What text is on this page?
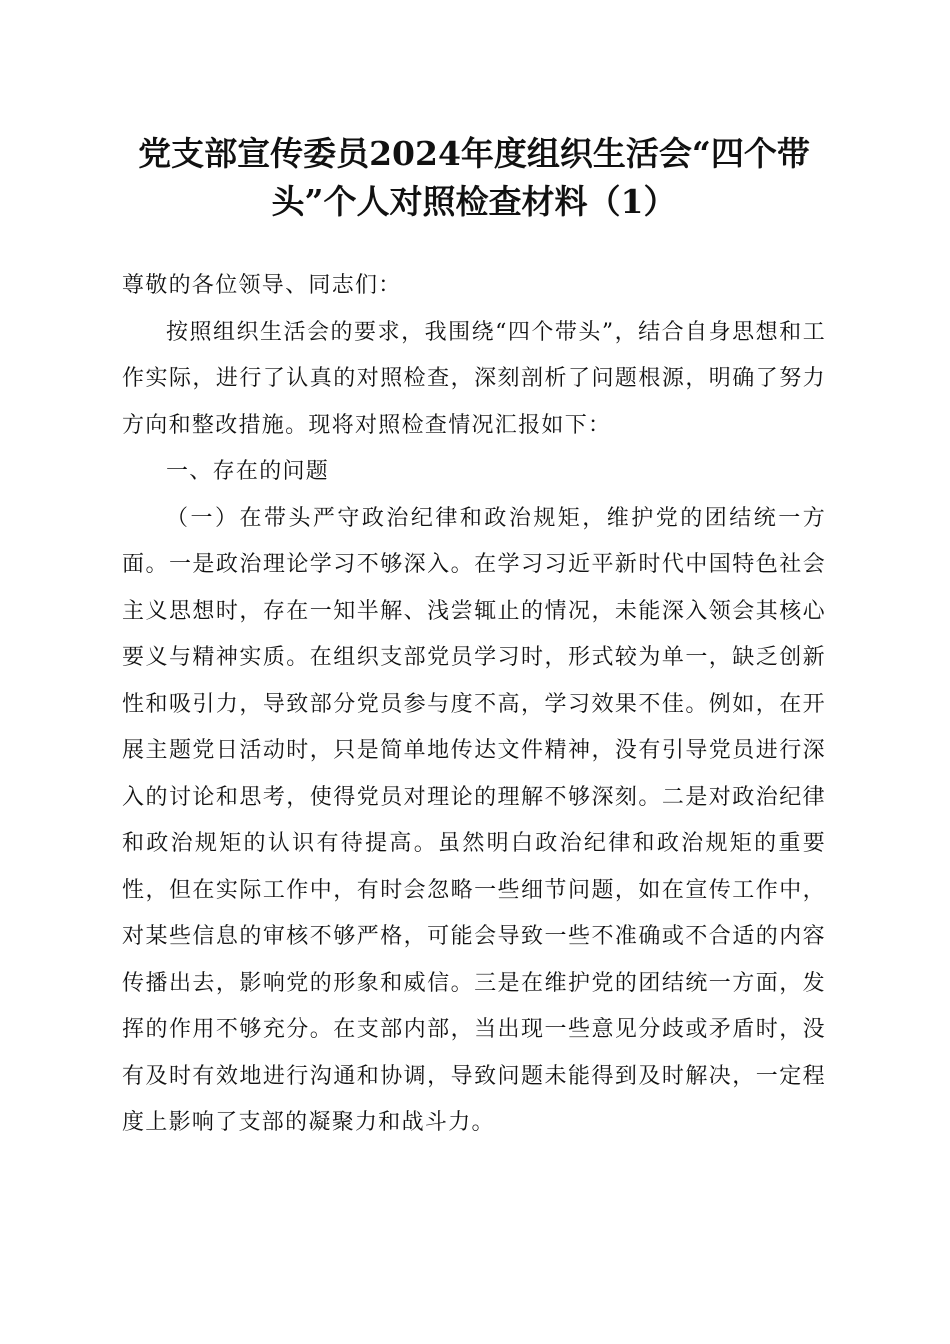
党支部宣传委员2024年度组织生活会“四个带头”个人对照检查材料（1）

尊敬的各位领导、同志们：

按照组织生活会的要求，我围绕“四个带头”，结合自身思想和工作实际，进行了认真的对照检查，深刻剖析了问题根源，明确了努力方向和整改措施。现将对照检查情况汇报如下：

一、存在的问题

（一）在带头严守政治纪律和政治规矩，维护党的团结统一方面。一是政治理论学习不够深入。在学习习近平新时代中国特色社会主义思想时，存在一知半解、浅尝辄止的情况，未能深入领会其核心要义与精神实质。在组织支部党员学习时，形式较为单一，缺乏创新性和吸引力，导致部分党员参与度不高，学习效果不佳。例如，在开展主题党日活动时，只是简单地传达文件精神，没有引导党员进行深入的讨论和思考，使得党员对理论的理解不够深刻。二是对政治纪律和政治规矩的认识有待提高。虽然明白政治纪律和政治规矩的重要性，但在实际工作中，有时会忽略一些细节问题，如在宣传工作中，对某些信息的审核不够严格，可能会导致一些不准确或不合适的内容传播出去，影响党的形象和威信。三是在维护党的团结统一方面，发挥的作用不够充分。在支部内部，当出现一些意见分歧或矛盾时，没有及时有效地进行沟通和协调，导致问题未能得到及时解决，一定程度上影响了支部的凝聚力和战斗力。
